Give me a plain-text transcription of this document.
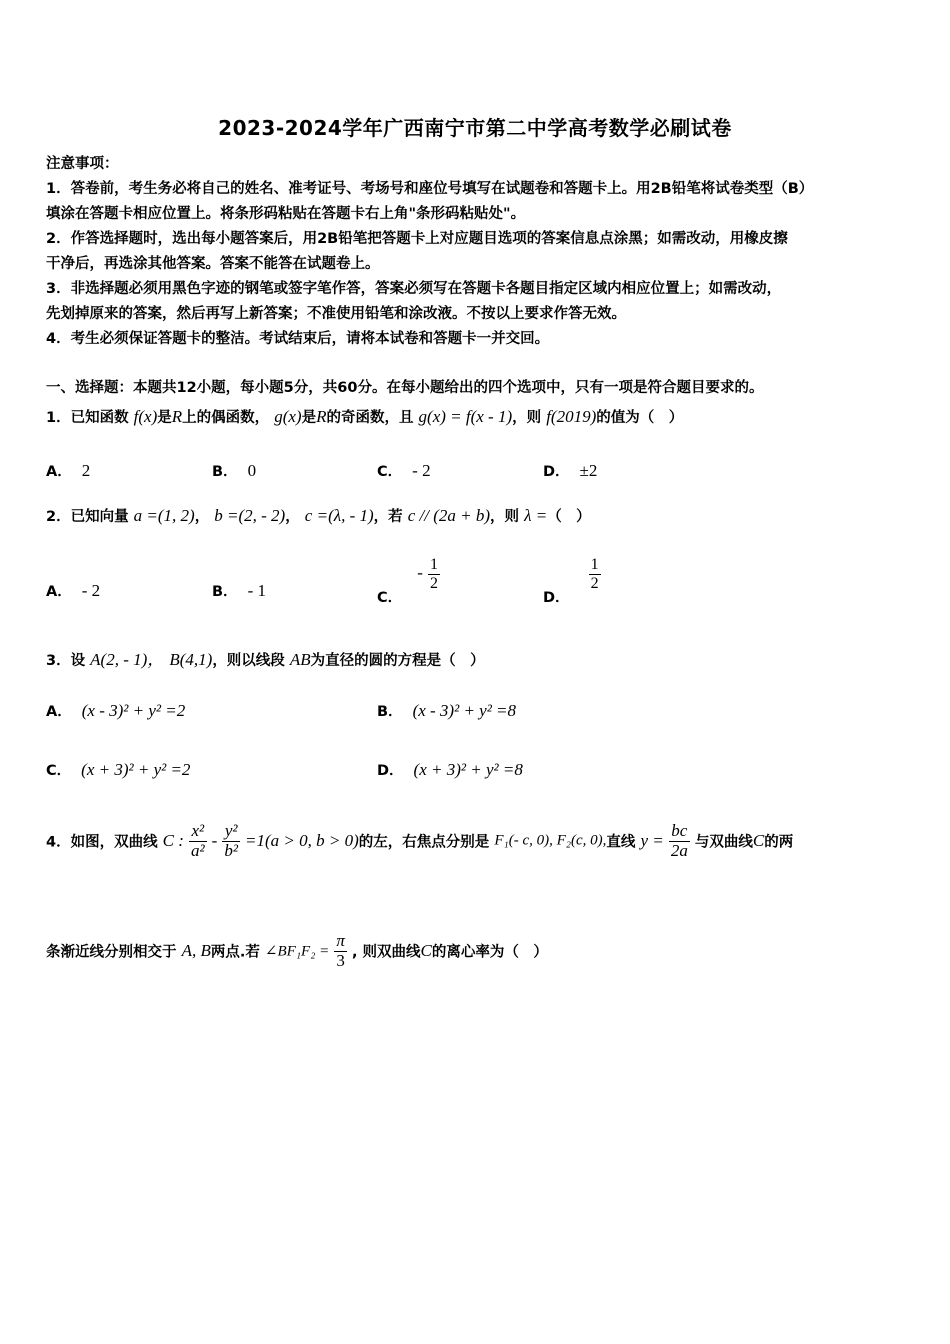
2023-2024学年广西南宁市第二中学高考数学必刷试卷
注意事项：
1．答卷前，考生务必将自己的姓名、准考证号、考场号和座位号填写在试题卷和答题卡上。用2B铅笔将试卷类型（B）
填涂在答题卡相应位置上。将条形码粘贴在答题卡右上角"条形码粘贴处"。
2．作答选择题时，选出每小题答案后，用2B铅笔把答题卡上对应题目选项的答案信息点涂黑；如需改动，用橡皮擦
干净后，再选涂其他答案。答案不能答在试题卷上。
3．非选择题必须用黑色字迹的钢笔或签字笔作答，答案必须写在答题卡各题目指定区域内相应位置上；如需改动，
先划掉原来的答案，然后再写上新答案；不准使用铅笔和涂改液。不按以上要求作答无效。
4．考生必须保证答题卡的整洁。考试结束后，请将本试卷和答题卡一并交回。
一、选择题：本题共12小题，每小题5分，共60分。在每小题给出的四个选项中，只有一项是符合题目要求的。
1．已知函数 f(x)是R上的偶函数， g(x)是R的奇函数，且 g(x) = f(x - 1)，则 f(2019)的值为（　）
A． 2	B． 0	C． - 2	D． ±2
2．已知向量 a =(1, 2)， b =(2, - 2)， c =(λ, - 1)，若 c // (2a + b)，则 λ =（　）
A． - 2	B． - 1	C． - $\frac{1}{2}$
D．
$\frac{1}{2}$
3．设 A(2, - 1)， B(4,1)，则以线段 AB为直径的圆的方程是（　）
A． (x - 3)² + y² =2	B． (x - 3)² + y² =8
C． (x + 3)² + y² =2	D． (x + 3)² + y² =8
4．如图，双曲线 C : $\frac{\text{x²}}{\text{a²}} - \frac{\text{y²}}{\text{b²}} =1(a > 0$, b > 0)的左，右焦点分别是 F₁(- c, 0), F₂(c, 0),直线 $y = \frac{bc}{2a}$ 与双曲线C的两
条渐近线分别相交于 A, B两点.若 ∠BF₁F₂ = $\frac{\pi}{3}$ , 则双曲线C的离心率为（　）
